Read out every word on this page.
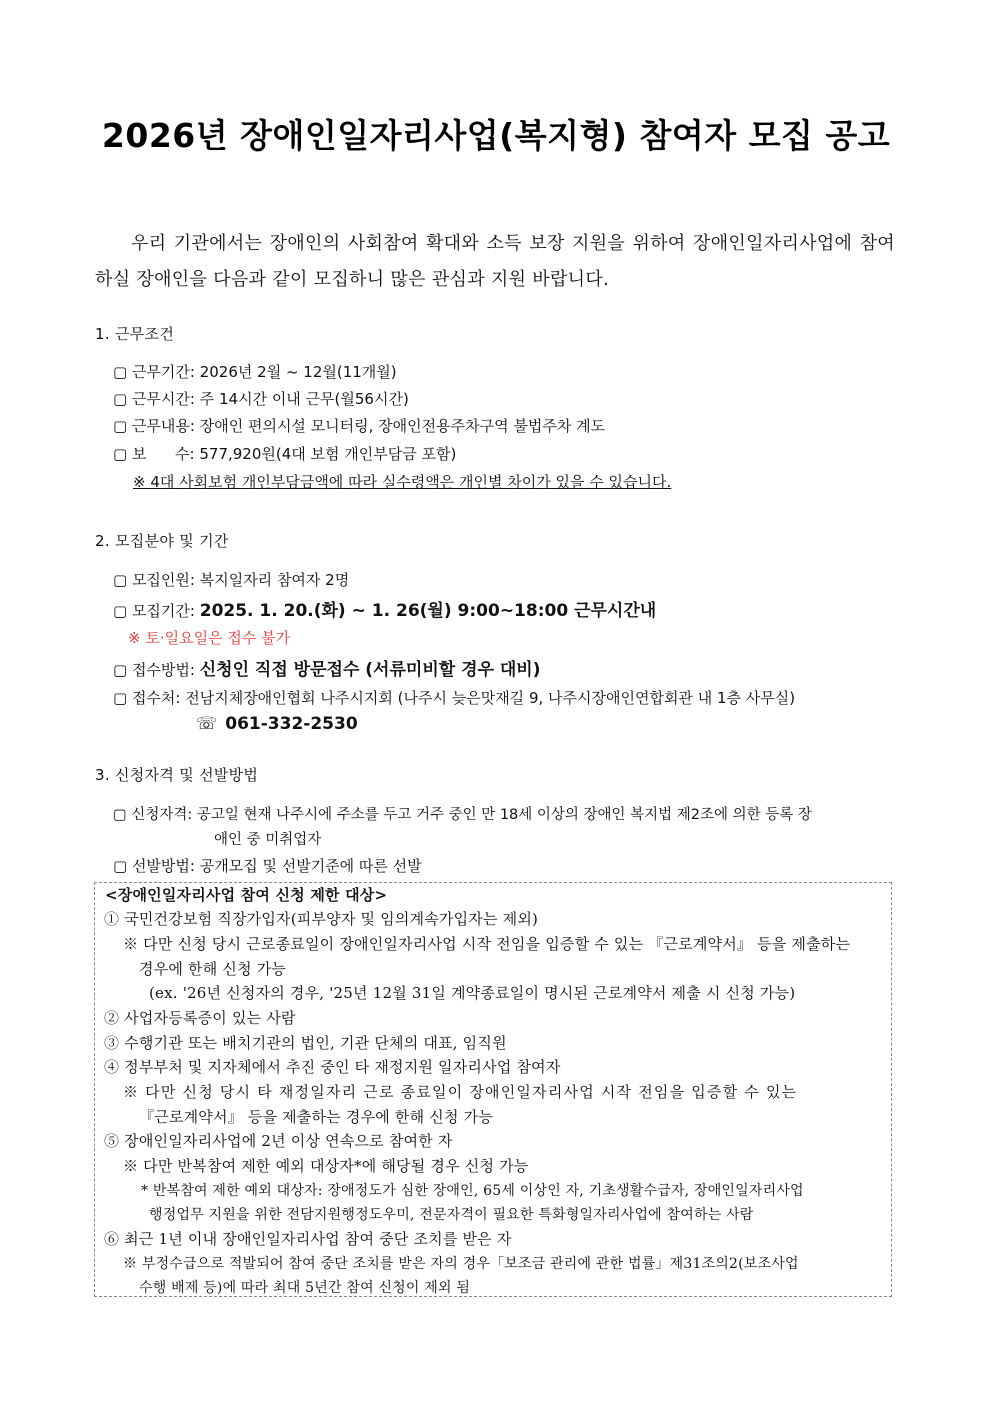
2026년 장애인일자리사업(복지형) 참여자 모집 공고
우리 기관에서는 장애인의 사회참여 확대와 소득 보장 지원을 위하여 장애인일자리사업에 참여하실 장애인을 다음과 같이 모집하니 많은 관심과 지원 바랍니다.
1. 근무조건
▢ 근무기간: 2026년 2월 ~ 12월(11개월)
▢ 근무시간: 주 14시간 이내 근무(월56시간)
▢ 근무내용: 장애인 편의시설 모니터링, 장애인전용주차구역 불법주차 계도
▢ 보      수: 577,920원(4대 보험 개인부담금 포함)
※ 4대 사회보험 개인부담금액에 따라 실수령액은 개인별 차이가 있을 수 있습니다.
2. 모집분야 및 기간
▢ 모집인원: 복지일자리 참여자 2명
▢ 모집기간: 2025. 1. 20.(화) ~ 1. 26(월) 9:00~18:00 근무시간내
※ 토·일요일은 접수 불가
▢ 접수방법: 신청인 직접 방문접수 (서류미비할 경우 대비)
▢ 접수처: 전남지체장애인협회 나주시지회 (나주시 늦은맛재길 9, 나주시장애인연합회관 내 1층 사무실)
☏ 061-332-2530
3. 신청자격 및 선발방법
▢ 신청자격: 공고일 현재 나주시에 주소를 두고 거주 중인 만 18세 이상의 장애인 복지법 제2조에 의한 등록 장
애인 중 미취업자
▢ 선발방법: 공개모집 및 선발기준에 따른 선발
<장애인일자리사업 참여 신청 제한 대상>
① 국민건강보험 직장가입자(피부양자 및 임의계속가입자는 제외)
※ 다만 신청 당시 근로종료일이 장애인일자리사업 시작 전임을 입증할 수 있는 『근로계약서』 등을 제출하는
경우에 한해 신청 가능
(ex. '26년 신청자의 경우, '25년 12월 31일 계약종료일이 명시된 근로계약서 제출 시 신청 가능)
② 사업자등록증이 있는 사람
③ 수행기관 또는 배치기관의 법인, 기관 단체의 대표, 임직원
④ 정부부처 및 지자체에서 추진 중인 타 재정지원 일자리사업 참여자
※ 다만 신청 당시 타 재정일자리 근로 종료일이 장애인일자리사업 시작 전임을 입증할 수 있는
『근로계약서』 등을 제출하는 경우에 한해 신청 가능
⑤ 장애인일자리사업에 2년 이상 연속으로 참여한 자
※ 다만 반복참여 제한 예외 대상자*에 해당될 경우 신청 가능
* 반복참여 제한 예외 대상자: 장애정도가 심한 장애인, 65세 이상인 자, 기초생활수급자, 장애인일자리사업
행정업무 지원을 위한 전담지원행정도우미, 전문자격이 필요한 특화형일자리사업에 참여하는 사람
⑥ 최근 1년 이내 장애인일자리사업 참여 중단 조치를 받은 자
※ 부정수급으로 적발되어 참여 중단 조치를 받은 자의 경우「보조금 관리에 관한 법률」제31조의2(보조사업
수행 배제 등)에 따라 최대 5년간 참여 신청이 제외 됨
